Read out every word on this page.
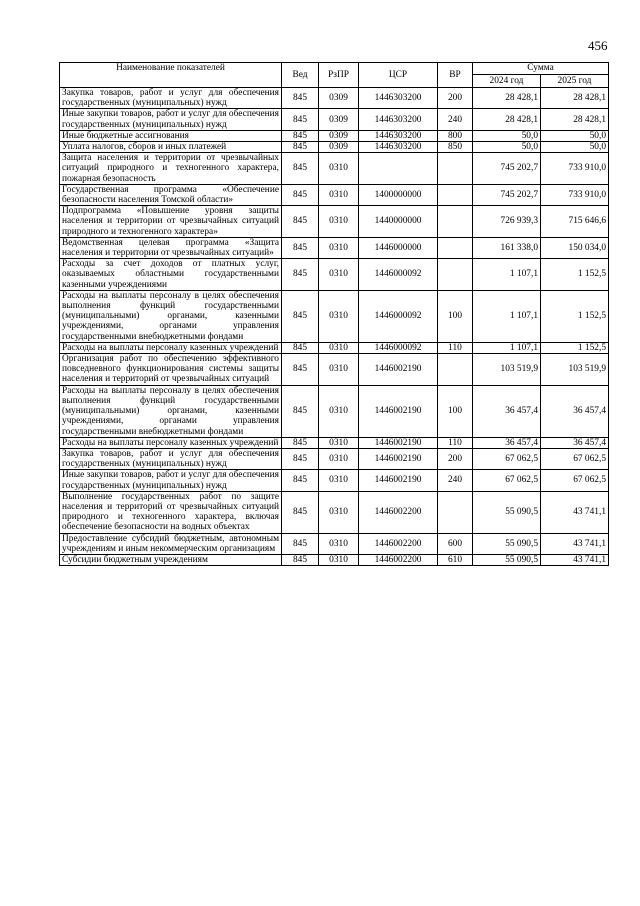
456
Наименование показателей	Вед	РзПР	ЦСР	ВР	Сумма	
					2024 год	2025 год
Закупка товаров, работ и услуг для обеспечения государственных (муниципальных) нужд	845	0309	1446303200	200	28 428,1	28 428,1
Иные закупки товаров, работ и услуг для обеспечения государственных (муниципальных) нужд	845	0309	1446303200	240	28 428,1	28 428,1
Иные бюджетные ассигнования	845	0309	1446303200	800	50,0	50,0
Уплата налогов, сборов и иных платежей	845	0309	1446303200	850	50,0	50,0
Защита населения и территории от чрезвычайных ситуаций природного и техногенного характера, пожарная безопасность	845	0310			745 202,7	733 910,0
Государственная программа «Обеспечение безопасности населения Томской области»	845	0310	1400000000		745 202,7	733 910,0
Подпрограмма «Повышение уровня защиты населения и территории от чрезвычайных ситуаций природного и техногенного характера»	845	0310	1440000000		726 939,3	715 646,6
Ведомственная целевая программа «Защита населения и территории от чрезвычайных ситуаций»	845	0310	1446000000		161 338,0	150 034,0
Расходы за счет доходов от платных услуг, оказываемых областными государственными казенными учреждениями	845	0310	1446000092		1 107,1	1 152,5
Расходы на выплаты персоналу в целях обеспечения выполнения функций государственными (муниципальными) органами, казенными учреждениями, органами управления государственными внебюджетными фондами	845	0310	1446000092	100	1 107,1	1 152,5
Расходы на выплаты персоналу казенных учреждений	845	0310	1446000092	110	1 107,1	1 152,5
Организация работ по обеспечению эффективного повседневного функционирования системы защиты населения и территорий от чрезвычайных ситуаций	845	0310	1446002190		103 519,9	103 519,9
Расходы на выплаты персоналу в целях обеспечения выполнения функций государственными (муниципальными) органами, казенными учреждениями, органами управления государственными внебюджетными фондами	845	0310	1446002190	100	36 457,4	36 457,4
Расходы на выплаты персоналу казенных учреждений	845	0310	1446002190	110	36 457,4	36 457,4
Закупка товаров, работ и услуг для обеспечения государственных (муниципальных) нужд	845	0310	1446002190	200	67 062,5	67 062,5
Иные закупки товаров, работ и услуг для обеспечения государственных (муниципальных) нужд	845	0310	1446002190	240	67 062,5	67 062,5
Выполнение государственных работ по защите населения и территорий от чрезвычайных ситуаций природного и техногенного характера, включая обеспечение безопасности на водных объектах	845	0310	1446002200		55 090,5	43 741,1
Предоставление субсидий бюджетным, автономным учреждениям и иным некоммерческим организациям	845	0310	1446002200	600	55 090,5	43 741,1
Субсидии бюджетным учреждениям	845	0310	1446002200	610	55 090,5	43 741,1
